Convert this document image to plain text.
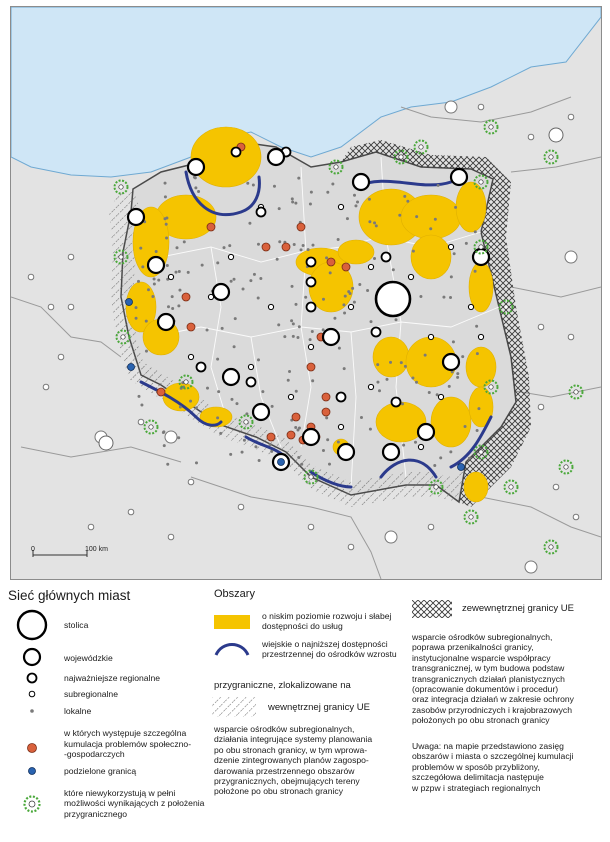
0	100 km
Sieć głównych miast
stolica
wojewódzkie
najważniejsze regionalne
subregionalne
lokalne
w których występuje szczególna
kumulacja problemów społeczno-
-gospodarczych
podzielone granicą
które niewykorzystują w pełni
możliwości wynikających z położenia
przygranicznego
Obszary
o niskim poziomie rozwoju i słabej
dostępności do usług
wiejskie o najniższej dostępności
przestrzennej do ośrodków wzrostu
przygraniczne, zlokalizowane na
wewnętrznej granicy UE
wsparcie ośrodków subregionalnych,
działania integrujące systemy planowania
po obu stronach granicy, w tym wprowa-
dzenie zintegrowanych planów zagospo-
darowania przestrzennego obszarów
przygranicznych, obejmujących tereny
położone po obu stronach granicy
zewewnętrznej granicy UE
wsparcie ośrodków subregionalnych,
poprawa przenikalności granicy,
instytucjonalne wsparcie współpracy
transgranicznej, w tym budowa podstaw
transgranicznych działań planistycznych
(opracowanie dokumentów i procedur)
oraz integracja działań w zakresie ochrony
zasobów przyrodniczych i krajobrazowych
położonych po obu stronach granicy
Uwaga: na mapie przedstawiono zasięg
obszarów i miasta o szczególnej kumulacji
problemów w sposób przybliżony,
szczegółowa delimitacja następuje
w pzpw i strategiach regionalnych
